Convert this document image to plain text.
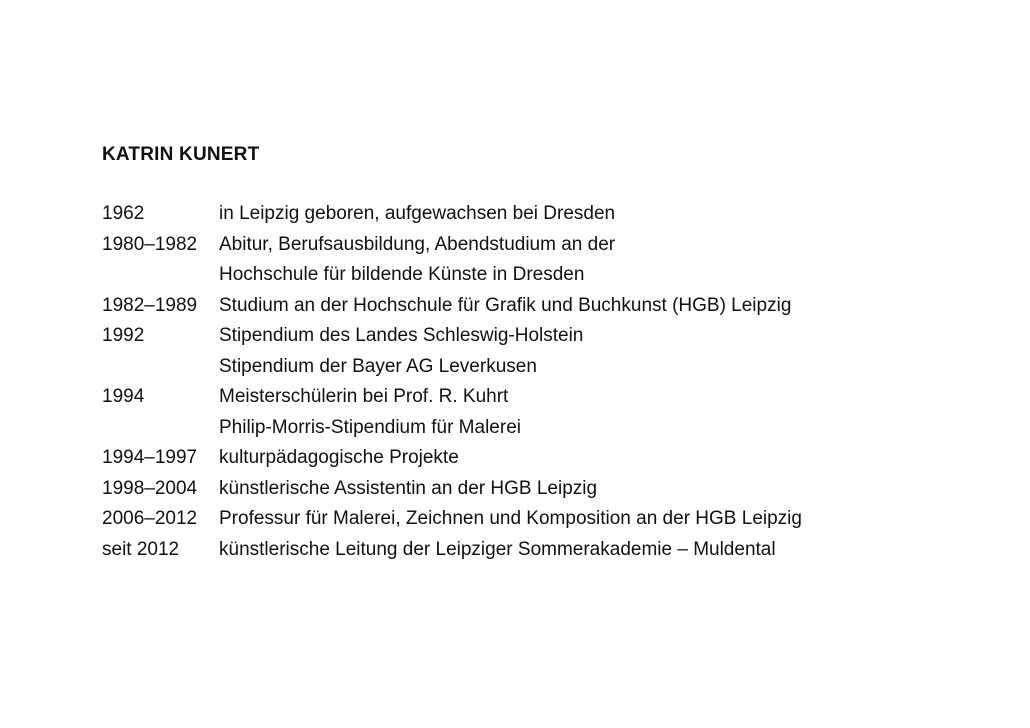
KATRIN KUNERT
1962	in Leipzig geboren, aufgewachsen bei Dresden
1980–1982	Abitur, Berufsausbildung, Abendstudium an der
Hochschule für bildende Künste in Dresden
1982–1989	Studium an der Hochschule für Grafik und Buchkunst (HGB) Leipzig
1992	Stipendium des Landes Schleswig-Holstein
Stipendium der Bayer AG Leverkusen
1994	Meisterschülerin bei Prof. R. Kuhrt
Philip-Morris-Stipendium für Malerei
1994–1997	kulturpädagogische Projekte
1998–2004	künstlerische Assistentin an der HGB Leipzig
2006–2012	Professur für Malerei, Zeichnen und Komposition an der HGB Leipzig
seit 2012	künstlerische Leitung der Leipziger Sommerakademie – Muldental
